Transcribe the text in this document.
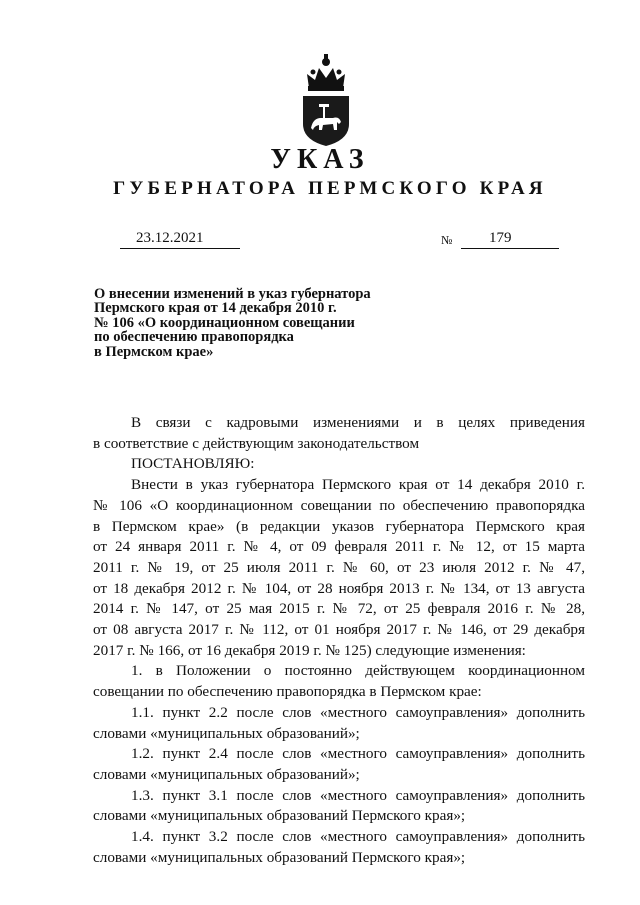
УКАЗ
ГУБЕРНАТОРА ПЕРМСКОГО КРАЯ
23.12.2021	№	179
О внесении изменений в указ губернатора
Пермского края от 14 декабря 2010 г.
№ 106 «О координационном совещании
по обеспечению правопорядка
в Пермском крае»
В связи с кадровыми изменениями и в целях приведения
в соответствие с действующим законодательством
ПОСТАНОВЛЯЮ:
Внести в указ губернатора Пермского края от 14 декабря 2010 г.
№ 106 «О координационном совещании по обеспечению правопорядка
в Пермском крае» (в редакции указов губернатора Пермского края
от 24 января 2011 г. № 4, от 09 февраля 2011 г. № 12, от 15 марта
2011 г. № 19, от 25 июля 2011 г. № 60, от 23 июля 2012 г. № 47,
от 18 декабря 2012 г. № 104, от 28 ноября 2013 г. № 134, от 13 августа
2014 г. № 147, от 25 мая 2015 г. № 72, от 25 февраля 2016 г. № 28,
от 08 августа 2017 г. № 112, от 01 ноября 2017 г. № 146, от 29 декабря
2017 г. № 166, от 16 декабря 2019 г. № 125) следующие изменения:
1. в Положении о постоянно действующем координационном
совещании по обеспечению правопорядка в Пермском крае:
1.1. пункт 2.2 после слов «местного самоуправления» дополнить
словами «муниципальных образований»;
1.2. пункт 2.4 после слов «местного самоуправления» дополнить
словами «муниципальных образований»;
1.3. пункт 3.1 после слов «местного самоуправления» дополнить
словами «муниципальных образований Пермского края»;
1.4. пункт 3.2 после слов «местного самоуправления» дополнить
словами «муниципальных образований Пермского края»;
